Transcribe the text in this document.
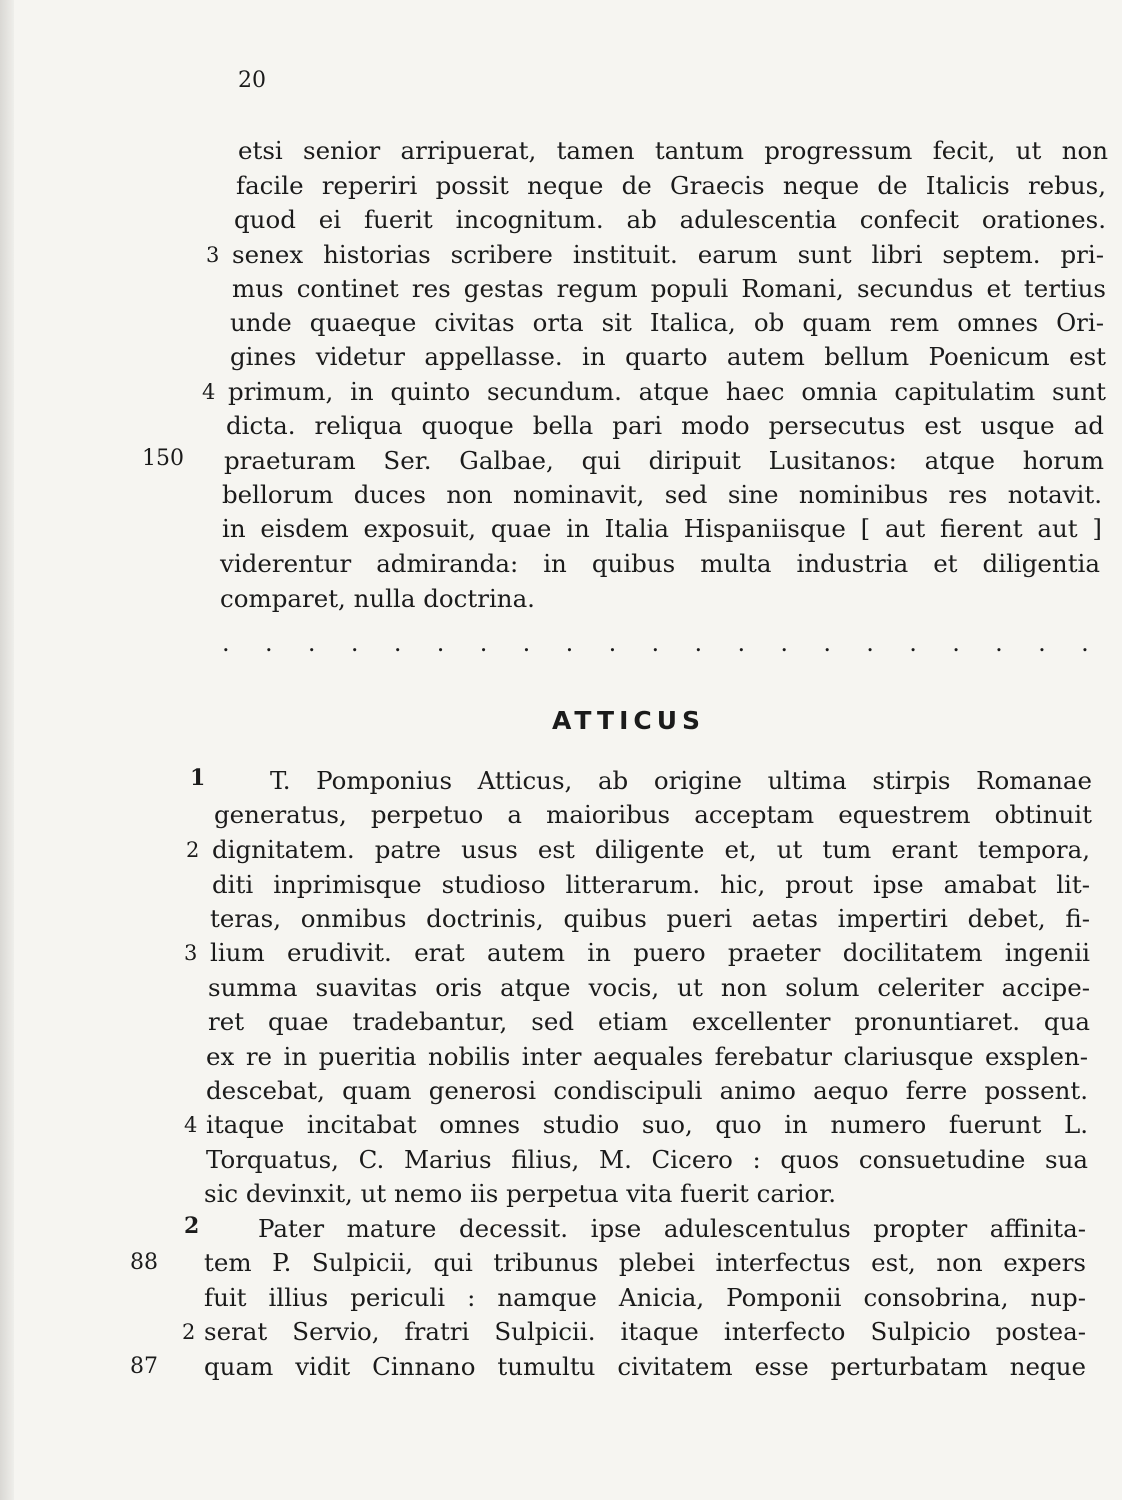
20
etsi senior arripuerat, tamen tantum progressum fecit, ut non
facile reperiri possit neque de Graecis neque de Italicis rebus,
quod ei fuerit incognitum. ab adulescentia confecit orationes.
senex historias scribere instituit. earum sunt libri septem. pri-
mus continet res gestas regum populi Romani, secundus et tertius
unde quaeque civitas orta sit Italica, ob quam rem omnes Ori-
gines videtur appellasse. in quarto autem bellum Poenicum est
primum, in quinto secundum. atque haec omnia capitulatim sunt
dicta. reliqua quoque bella pari modo persecutus est usque ad
praeturam Ser. Galbae, qui diripuit Lusitanos: atque horum
bellorum duces non nominavit, sed sine nominibus res notavit.
in eisdem exposuit, quae in Italia Hispaniisque [ aut fierent aut ]
viderentur admiranda: in quibus multa industria et diligentia
comparet, nulla doctrina.
. . . . . . . . . . . . . . . . . . . . .
ATTICUS
T. Pomponius Atticus, ab origine ultima stirpis Romanae
generatus, perpetuo a maioribus acceptam equestrem obtinuit
dignitatem. patre usus est diligente et, ut tum erant tempora,
diti inprimisque studioso litterarum. hic, prout ipse amabat lit-
teras, onmibus doctrinis, quibus pueri aetas impertiri debet, fi-
lium erudivit. erat autem in puero praeter docilitatem ingenii
summa suavitas oris atque vocis, ut non solum celeriter accipe-
ret quae tradebantur, sed etiam excellenter pronuntiaret. qua
ex re in pueritia nobilis inter aequales ferebatur clariusque exsplen-
descebat, quam generosi condiscipuli animo aequo ferre possent.
itaque incitabat omnes studio suo, quo in numero fuerunt L.
Torquatus, C. Marius filius, M. Cicero : quos consuetudine sua
sic devinxit, ut nemo iis perpetua vita fuerit carior.
Pater mature decessit. ipse adulescentulus propter affinita-
tem P. Sulpicii, qui tribunus plebei interfectus est, non expers
fuit illius periculi : namque Anicia, Pomponii consobrina, nup-
serat Servio, fratri Sulpicii. itaque interfecto Sulpicio postea-
quam vidit Cinnano tumultu civitatem esse perturbatam neque
3
4
2
3
4
2
1
2
150
88
87
